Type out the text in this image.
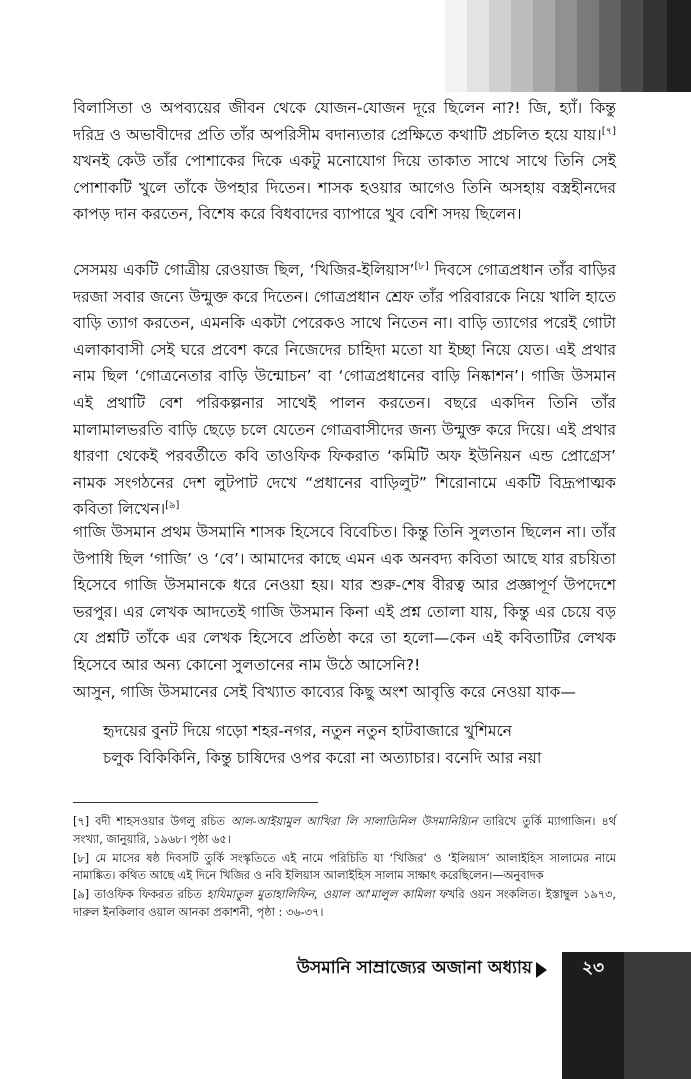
বিলাসিতা ও অপব্যয়ের জীবন থেকে যোজন-যোজন দূরে ছিলেন না?! জি, হ্যাঁ। কিন্তু দরিদ্র ও অভাবীদের প্রতি তাঁর অপরিসীম বদান্যতার প্রেক্ষিতে কথাটি প্রচলিত হয়ে যায়।[৭] যখনই কেউ তাঁর পোশাকের দিকে একটু মনোযোগ দিয়ে তাকাত সাথে সাথে তিনি সেই পোশাকটি খুলে তাঁকে উপহার দিতেন। শাসক হওয়ার আগেও তিনি অসহায় বস্ত্রহীনদের কাপড় দান করতেন, বিশেষ করে বিধবাদের ব্যাপারে খুব বেশি সদয় ছিলেন।

সেসময় একটি গোত্রীয় রেওয়াজ ছিল, ‘খিজির-ইলিয়াস’[৮] দিবসে গোত্রপ্রধান তাঁর বাড়ির দরজা সবার জন্যে উন্মুক্ত করে দিতেন। গোত্রপ্রধান শ্রেফ তাঁর পরিবারকে নিয়ে খালি হাতে বাড়ি ত্যাগ করতেন, এমনকি একটা পেরেকও সাথে নিতেন না। বাড়ি ত্যাগের পরেই গোটা এলাকাবাসী সেই ঘরে প্রবেশ করে নিজেদের চাহিদা মতো যা ইচ্ছা নিয়ে যেত। এই প্রথার নাম ছিল ‘গোত্রনেতার বাড়ি উন্মোচন’ বা ‘গোত্রপ্রধানের বাড়ি নিষ্কাশন’। গাজি উসমান এই প্রথাটি বেশ পরিকল্পনার সাথেই পালন করতেন। বছরে একদিন তিনি তাঁর মালামালভরতি বাড়ি ছেড়ে চলে যেতেন গোত্রবাসীদের জন্য উন্মুক্ত করে দিয়ে। এই প্রথার ধারণা থেকেই পরবর্তীতে কবি তাওফিক ফিকরাত ‘কমিটি অফ ইউনিয়ন এন্ড প্রোগ্রেস’ নামক সংগঠনের দেশ লুটপাট দেখে “প্রধানের বাড়িলুট” শিরোনামে একটি বিদ্রূপাত্মক কবিতা লিখেন।[৯]

গাজি উসমান প্রথম উসমানি শাসক হিসেবে বিবেচিত। কিন্তু তিনি সুলতান ছিলেন না। তাঁর উপাধি ছিল ‘গাজি’ ও ‘বে’। আমাদের কাছে এমন এক অনবদ্য কবিতা আছে যার রচয়িতা হিসেবে গাজি উসমানকে ধরে নেওয়া হয়। যার শুরু-শেষ বীরত্ব আর প্রজ্ঞাপূর্ণ উপদেশে ভরপুর। এর লেখক আদতেই গাজি উসমান কিনা এই প্রশ্ন তোলা যায়, কিন্তু এর চেয়ে বড় যে প্রশ্নটি তাঁকে এর লেখক হিসেবে প্রতিষ্ঠা করে তা হলো—কেন এই কবিতাটির লেখক হিসেবে আর অন্য কোনো সুলতানের নাম উঠে আসেনি?!

আসুন, গাজি উসমানের সেই বিখ্যাত কাব্যের কিছু অংশ আবৃত্তি করে নেওয়া যাক—

হৃদয়ের বুনট দিয়ে গড়ো শহর-নগর, নতুন নতুন হাটবাজারে খুশিমনে
চলুক বিকিকিনি, কিন্তু চাষিদের ওপর করো না অত্যাচার। বনেদি আর নয়া

[৭] বদী শাহসওয়ার উগলু রচিত আল-আইয়ামুল আখিরা লি সালাতিনিল উসমানিয়্যিন তারিখে তুর্কি ম্যাগাজিন। ৪র্থ সংখ্যা, জানুয়ারি, ১৯৬৮। পৃষ্ঠা ৬৫।

[৮] মে মাসের ষষ্ঠ দিবসটি তুর্কি সংস্কৃতিতে এই নামে পরিচিতি যা ‘খিজির’ ও ‘ইলিয়াস’ আলাইহিস সালামের নামে নামাঙ্কিত। কথিত আছে এই দিনে খিজির ও নবি ইলিয়াস আলাইহিস সালাম সাক্ষাৎ করেছিলেন।—অনুবাদক

[৯] তাওফিক ফিকরত রচিত হাযিমাতুল মুতাহালিফিন, ওয়াল আ'মালুল কামিলা ফখরি ওয়ন সংকলিত। ইস্তাম্বুল ১৯৭৩, দারুল ইনকিলাব ওয়াল আনকা প্রকাশনী, পৃষ্ঠা : ৩৬-৩৭।

উসমানি সাম্রাজ্যের অজানা অধ্যায়	২৩
